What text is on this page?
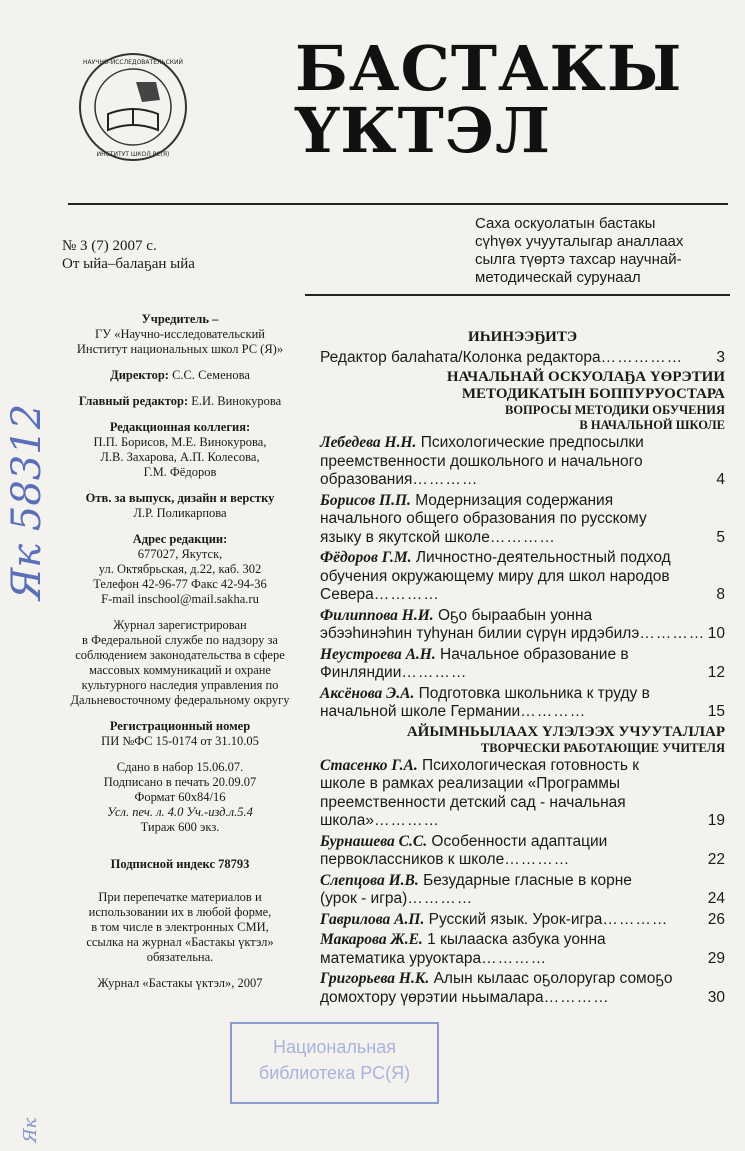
НАУЧНО-ИССЛЕДОВАТЕЛЬСКИЙ
ИНСТИТУТ ШКОЛ РС(Я)
БАСТАКЫ
ҮКТЭЛ
№ 3 (7) 2007 с.
От ыйа–балаҕан ыйа
Саха оскуолатын бастакы
сүһүөх учууталыгар аналлаах
сылга түөртэ тахсар научнай-
методическай сурунаал

Учредитель –
ГУ «Научно-исследовательский
Институт национальных школ РС (Я)»

Директор: С.С. Семенова

Главный редактор: Е.И. Винокурова

Редакционная коллегия:
П.П. Борисов, М.Е. Винокурова,
Л.В. Захарова, А.П. Колесова,
Г.М. Фёдоров

Отв. за выпуск, дизайн и верстку
Л.Р. Поликарпова

Адрес редакции:
677027, Якутск,
ул. Октябрьская, д.22, каб. 302
Телефон 42-96-77 Факс 42-94-36
F-mail inschool@mail.sakha.ru

Журнал зарегистрирован
в Федеральной службе по надзору за
соблюдением законодательства в сфере
массовых коммуникаций и охране
культурного наследия управления по
Дальневосточному федеральному округу

Регистрационный номер
ПИ №ФС 15-0174 от 31.10.05

Сдано в набор 15.06.07.
Подписано в печать 20.09.07
Формат 60х84/16
Усл. печ. л. 4.0 Уч.-изд.л.5.4
Тираж 600 экз.

Подписной индекс 78793

При перепечатке материалов и
использовании их в любой форме,
в том числе в электронных СМИ,
ссылка на журнал «Бастакы үктэл»
обязательна.

Журнал «Бастакы үктэл», 2007

ИҺИНЭЭҔИТЭ
Редактор балаһата/Колонка редактора…………… 3
НАЧАЛЬНАЙ ОСКУОЛАҔА ҮӨРЭТИИ
МЕТОДИКАТЫН БОППУРУОСТАРА
ВОПРОСЫ МЕТОДИКИ ОБУЧЕНИЯ
В НАЧАЛЬНОЙ ШКОЛЕ
Лебедева Н.Н. Психологические предпосылки
преемственности дошкольного и начального
образования…………	4
Борисов П.П. Модернизация содержания
начального общего образования по русскому
языку в якутской школе…………	5
Фёдоров Г.М. Личностно-деятельностный подход
обучения окружающему миру для школ народов
Севера…………	8
Филиппова Н.И. Оҕо быраабын уонна
эбээһинэһин туһунан билии сүрүн ирдэбилэ………… 10
Неустроева А.Н. Начальное образование в
Финляндии…………	12
Аксёнова Э.А. Подготовка школьника к труду в
начальной школе Германии…………	15
АЙЫМНЬЫЛААХ ҮЛЭЛЭЭХ УЧУУТАЛЛАР
ТВОРЧЕСКИ РАБОТАЮЩИЕ УЧИТЕЛЯ
Стасенко Г.А. Психологическая готовность к
школе в рамках реализации «Программы
преемственности детский сад - начальная
школа»…………	19
Бурнашева С.С. Особенности адаптации
первоклассников к школе…………	22
Слепцова И.В. Безударные гласные в корне
(урок - игра)…………	24
Гаврилова А.П. Русский язык. Урок-игра…………	26
Макарова Ж.Е. 1 кылааска азбука уонна
математика уруоктара…………	29
Григорьева Н.К. Алын кылаас оҕолоругар сомоҕо
домохтору үөрэтии ньымалара…………	30
Национальная
библиотека РС(Я)
Як 58312
Як
